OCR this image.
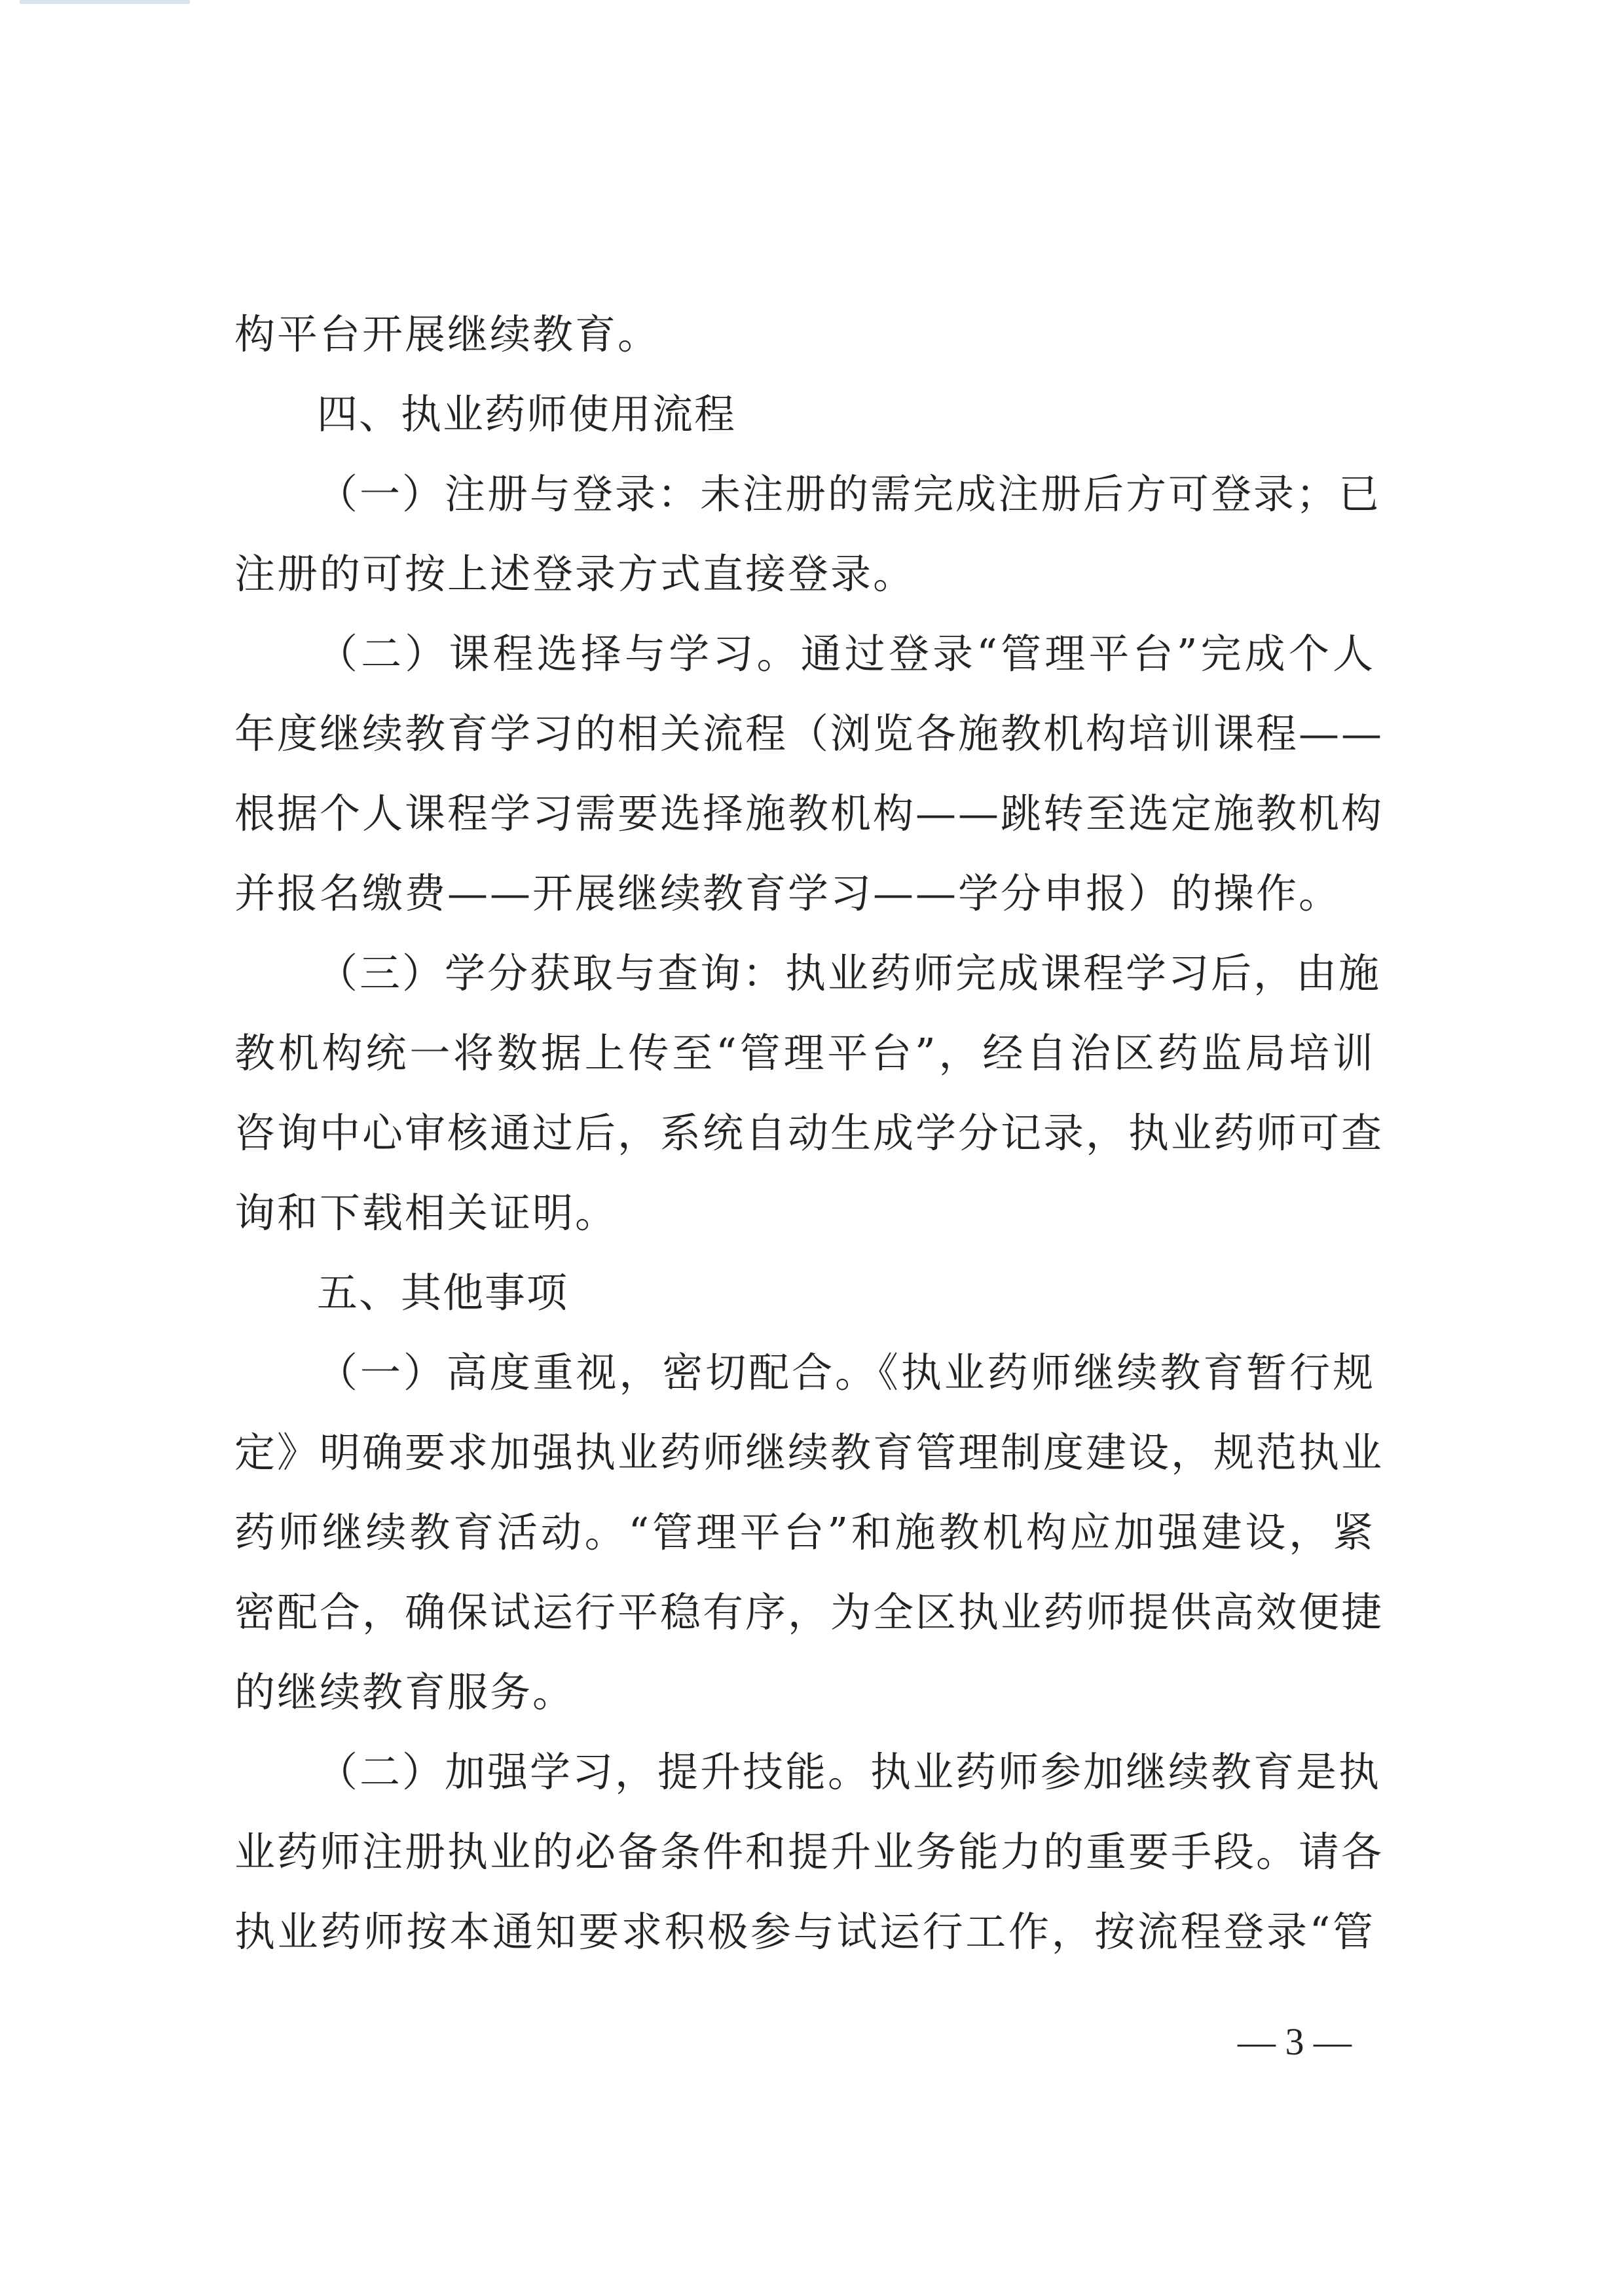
构平台开展继续教育。
四、执业药师使用流程
（一）注册与登录：未注册的需完成注册后方可登录；已
注册的可按上述登录方式直接登录。
（二）课程选择与学习。通过登录“管理平台”完成个人
年度继续教育学习的相关流程（浏览各施教机构培训课程——
根据个人课程学习需要选择施教机构——跳转至选定施教机构
并报名缴费——开展继续教育学习——学分申报）的操作。
（三）学分获取与查询：执业药师完成课程学习后，由施
教机构统一将数据上传至“管理平台”，经自治区药监局培训
咨询中心审核通过后，系统自动生成学分记录，执业药师可查
询和下载相关证明。
五、其他事项
（一）高度重视，密切配合。《执业药师继续教育暂行规
定》明确要求加强执业药师继续教育管理制度建设，规范执业
药师继续教育活动。“管理平台”和施教机构应加强建设，紧
密配合，确保试运行平稳有序，为全区执业药师提供高效便捷
的继续教育服务。
（二）加强学习，提升技能。执业药师参加继续教育是执
业药师注册执业的必备条件和提升业务能力的重要手段。请各
执业药师按本通知要求积极参与试运行工作，按流程登录“管
— 3 —
